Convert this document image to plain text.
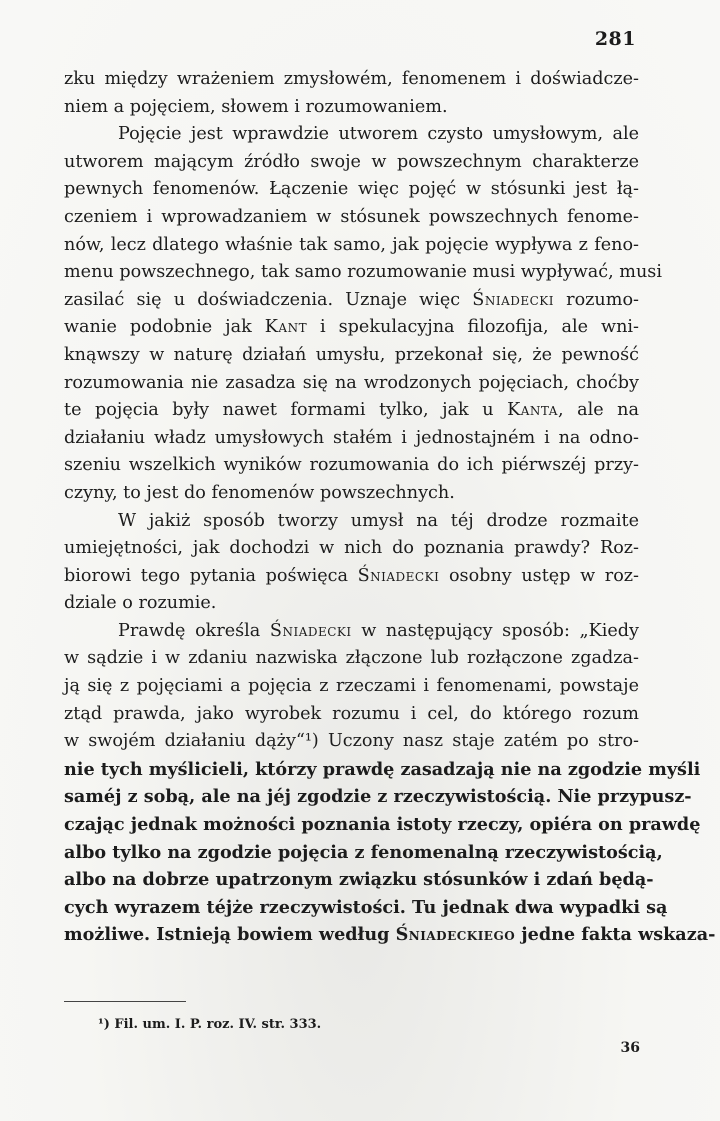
281
zku między wrażeniem zmysłowém, fenomenem i doświadcze-
niem a pojęciem, słowem i rozumowaniem.
Pojęcie jest wprawdzie utworem czysto umysłowym, ale
utworem mającym źródło swoje w powszechnym charakterze
pewnych fenomenów. Łączenie więc pojęć w stósunki jest łą-
czeniem i wprowadzaniem w stósunek powszechnych fenome-
nów, lecz dlatego właśnie tak samo, jak pojęcie wypływa z feno-
menu powszechnego, tak samo rozumowanie musi wypływać, musi
zasilać się u doświadczenia. Uznaje więc Śniadecki rozumo-
wanie podobnie jak Kant i spekulacyjna filozofija, ale wni-
knąwszy w naturę działań umysłu, przekonał się, że pewność
rozumowania nie zasadza się na wrodzonych pojęciach, choćby
te pojęcia były nawet formami tylko, jak u Kanta, ale na
działaniu władz umysłowych stałém i jednostajném i na odno-
szeniu wszelkich wyników rozumowania do ich piérwszéj przy-
czyny, to jest do fenomenów powszechnych.
W jakiż sposób tworzy umysł na téj drodze rozmaite
umiejętności, jak dochodzi w nich do poznania prawdy? Roz-
biorowi tego pytania poświęca Śniadecki osobny ustęp w roz-
dziale o rozumie.
Prawdę określa Śniadecki w następujący sposób: „Kiedy
w sądzie i w zdaniu nazwiska złączone lub rozłączone zgadza-
ją się z pojęciami a pojęcia z rzeczami i fenomenami, powstaje
ztąd prawda, jako wyrobek rozumu i cel, do którego rozum
w swojém działaniu dąży“¹) Uczony nasz staje zatém po stro-
nie tych myślicieli, którzy prawdę zasadzają nie na zgodzie myśli
saméj z sobą, ale na jéj zgodzie z rzeczywistością. Nie przypusz-
czając jednak możności poznania istoty rzeczy, opiéra on prawdę
albo tylko na zgodzie pojęcia z fenomenalną rzeczywistością,
albo na dobrze upatrzonym związku stósunków i zdań będą-
cych wyrazem téjże rzeczywistości. Tu jednak dwa wypadki są
możliwe. Istnieją bowiem według Śniadeckiego jedne fakta wskaza-
¹) Fil. um. I. P. roz. IV. str. 333.
36
